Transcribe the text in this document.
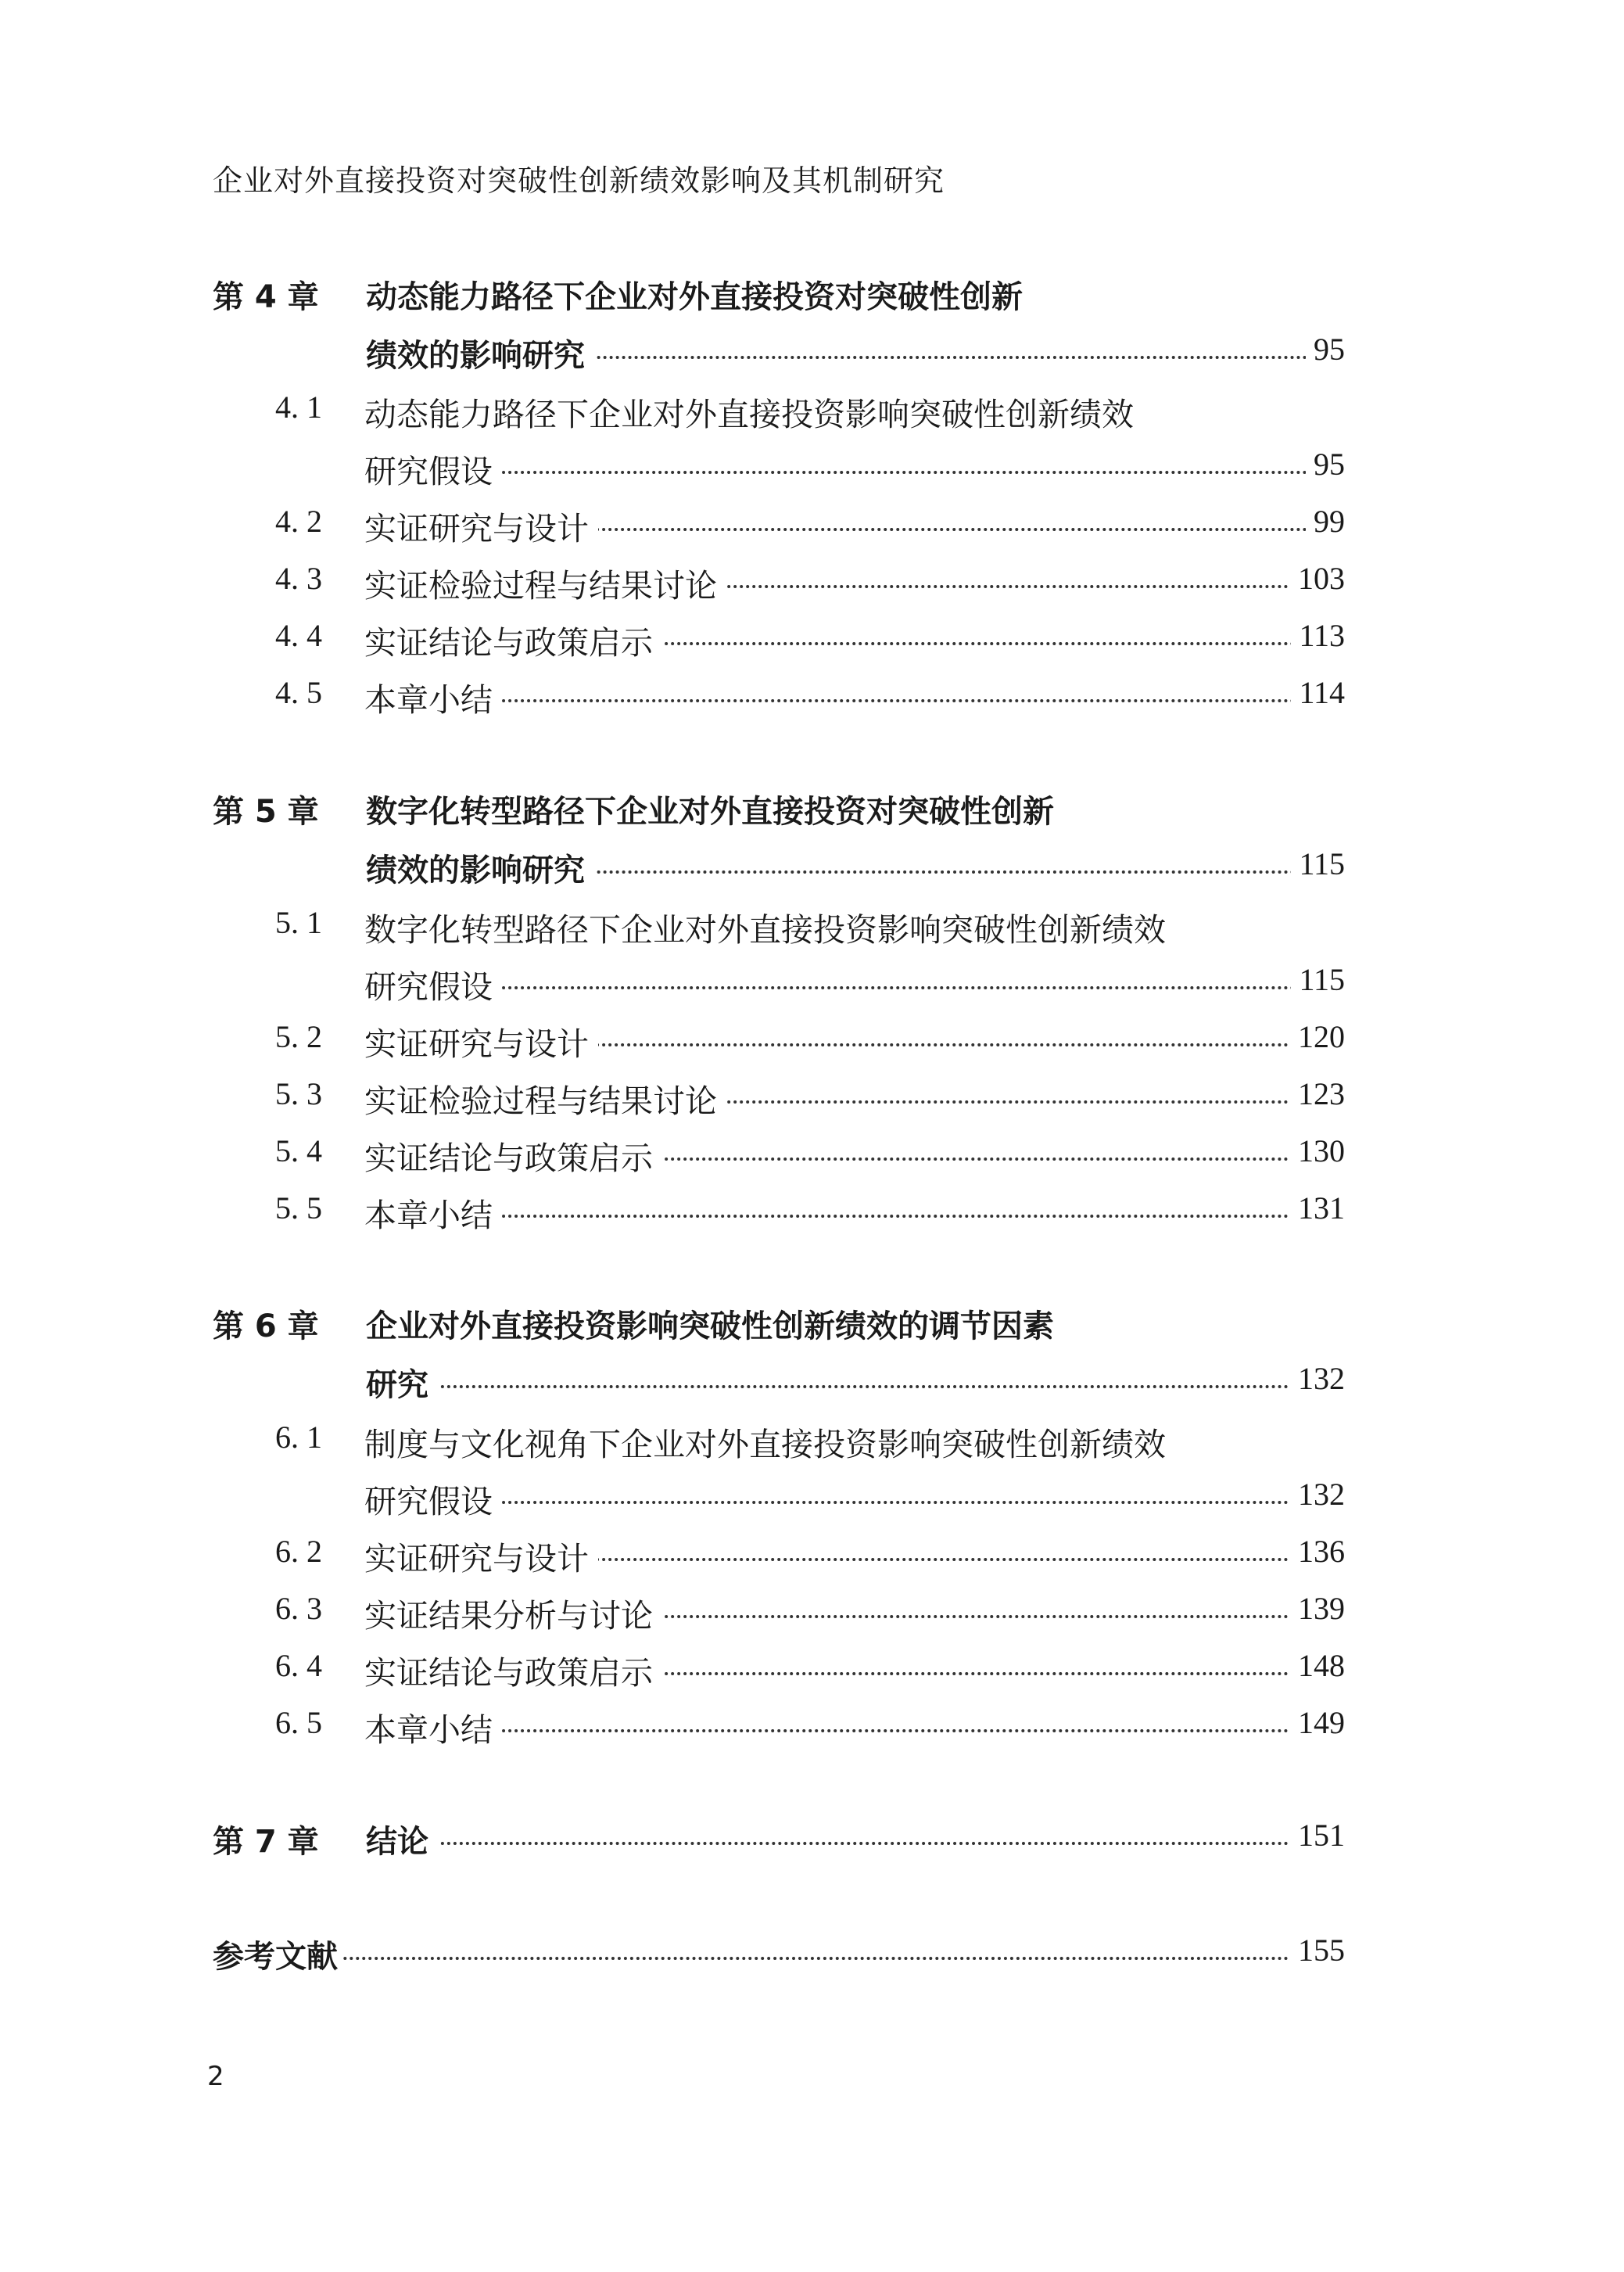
企业对外直接投资对突破性创新绩效影响及其机制研究
第 4 章 动态能力路径下企业对外直接投资对突破性创新
绩效的影响研究	95
4. 1 动态能力路径下企业对外直接投资影响突破性创新绩效
研究假设	95
4. 2 实证研究与设计	99
4. 3 实证检验过程与结果讨论	103
4. 4 实证结论与政策启示	113
4. 5 本章小结	114
第 5 章 数字化转型路径下企业对外直接投资对突破性创新
绩效的影响研究	115
5. 1 数字化转型路径下企业对外直接投资影响突破性创新绩效
研究假设	115
5. 2 实证研究与设计	120
5. 3 实证检验过程与结果讨论	123
5. 4 实证结论与政策启示	130
5. 5 本章小结	131
第 6 章 企业对外直接投资影响突破性创新绩效的调节因素
研究	132
6. 1 制度与文化视角下企业对外直接投资影响突破性创新绩效
研究假设	132
6. 2 实证研究与设计	136
6. 3 实证结果分析与讨论	139
6. 4 实证结论与政策启示	148
6. 5 本章小结	149
第 7 章 结论	151
参考文献	155
2
